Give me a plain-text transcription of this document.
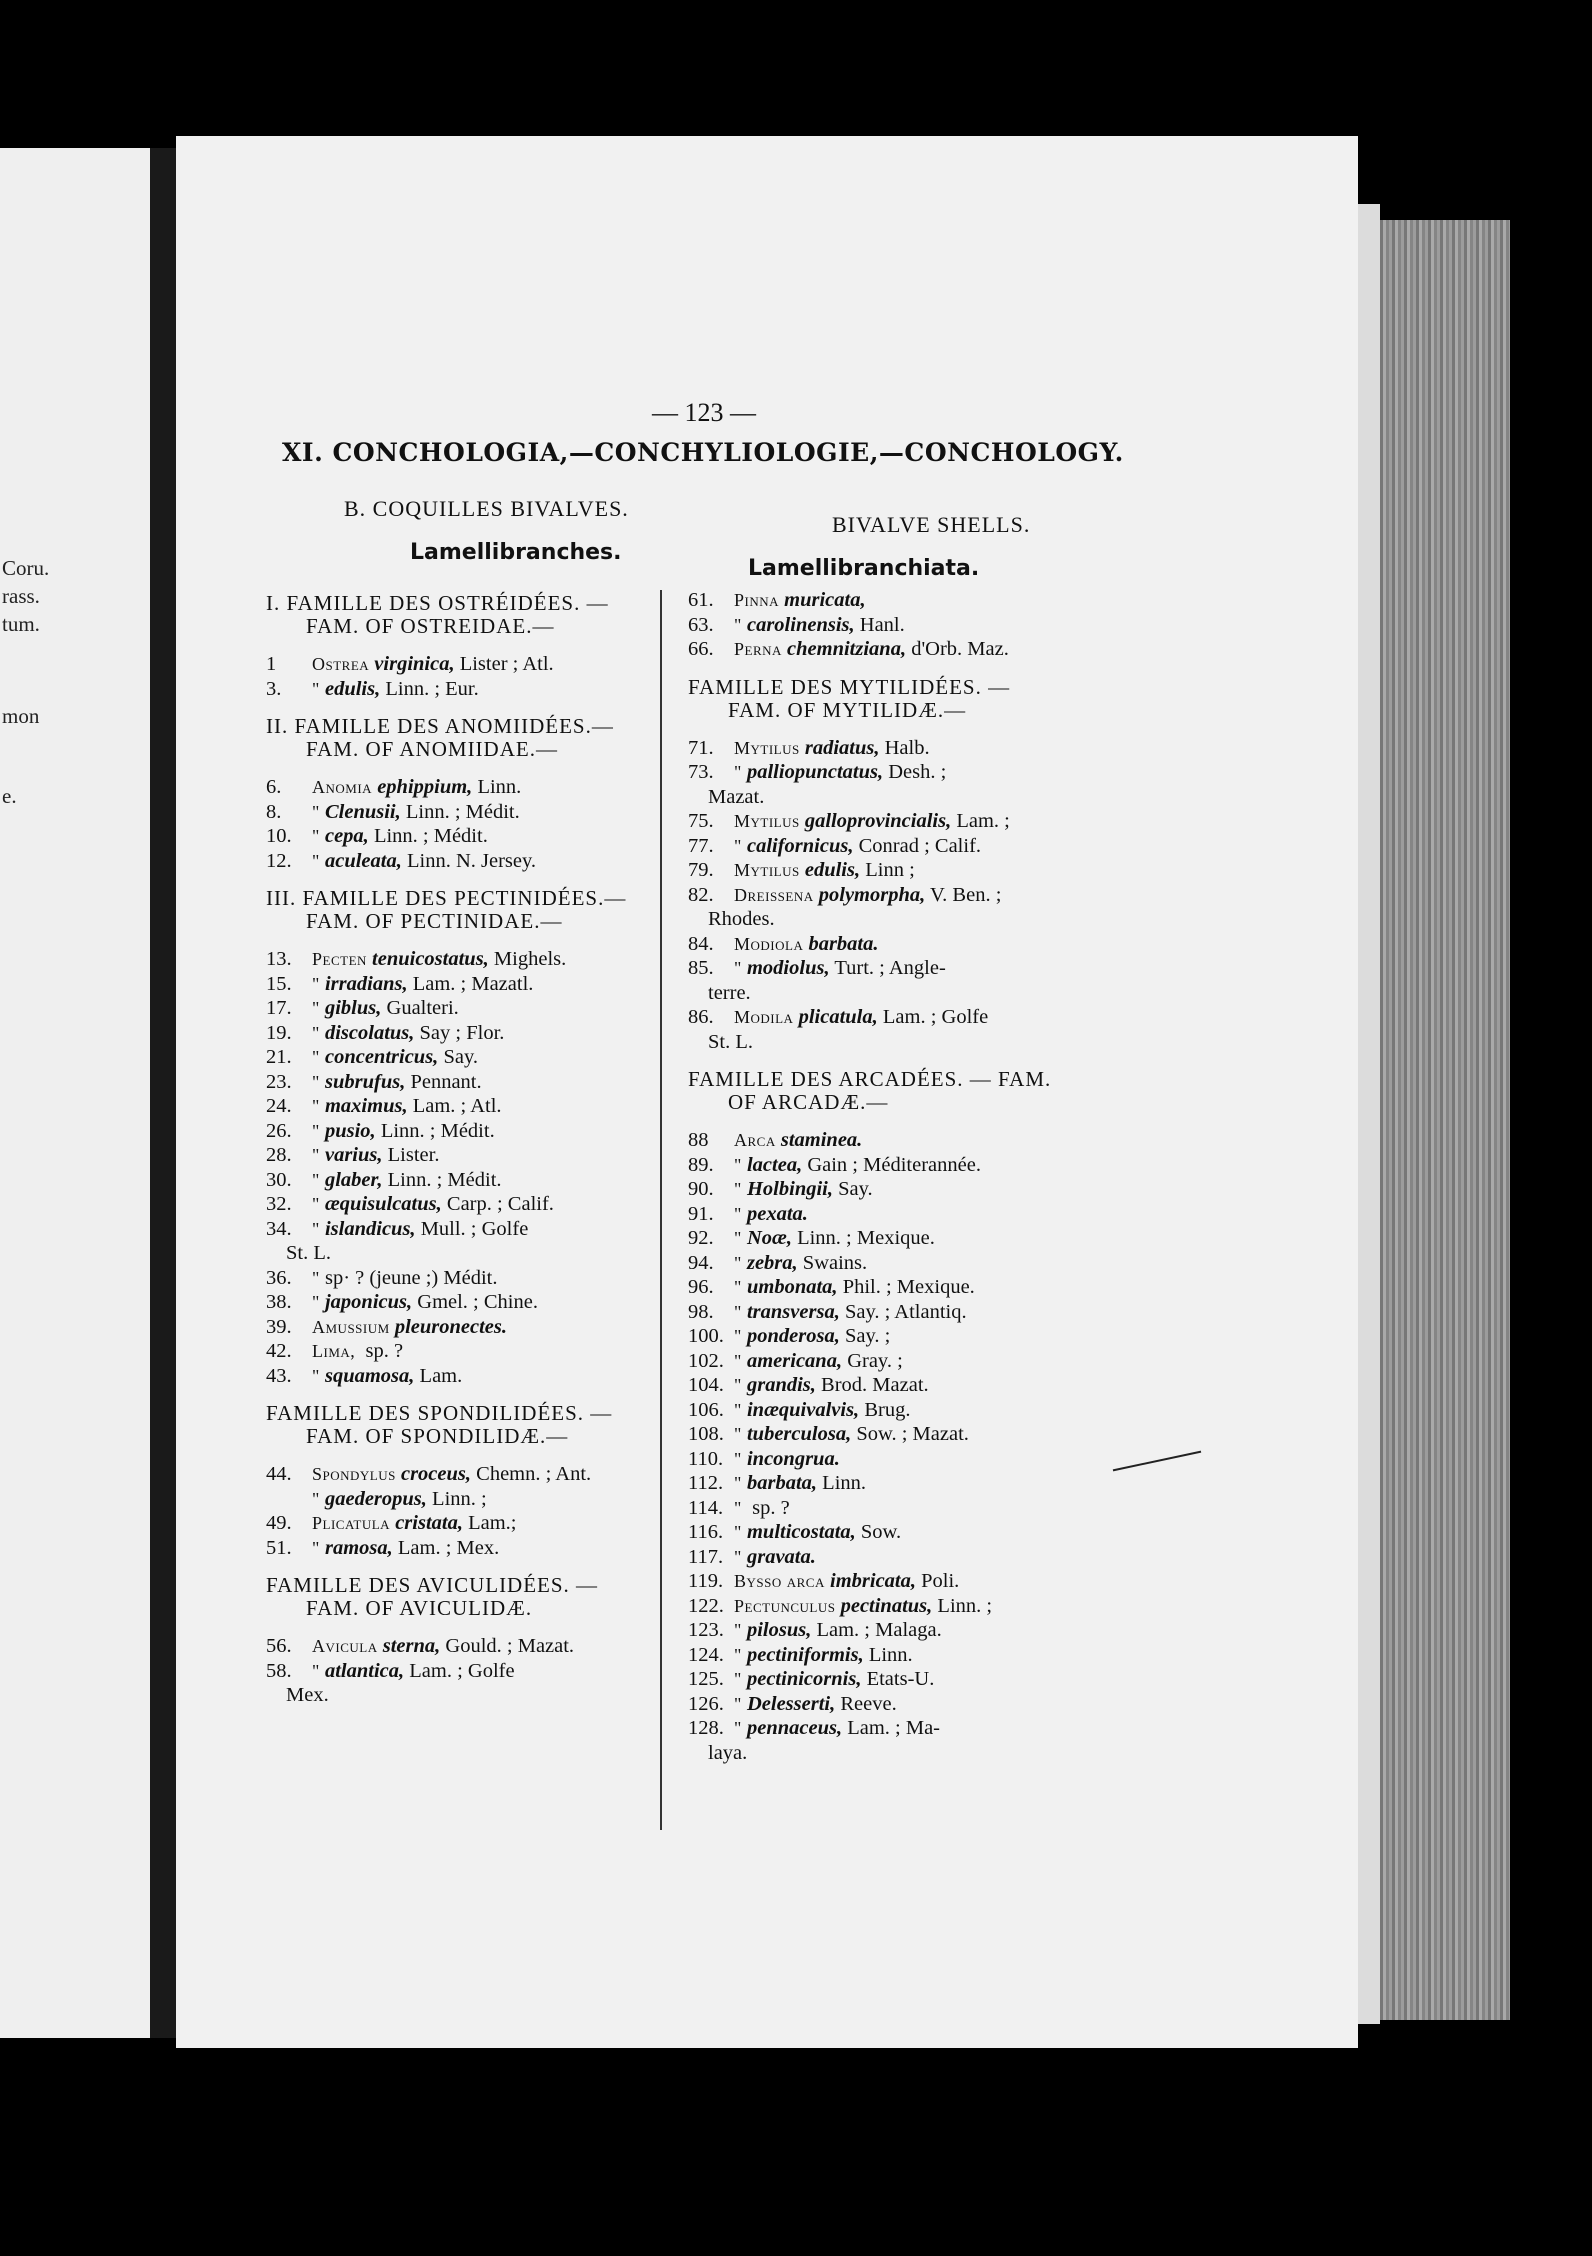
Coru.
rass.
tum.
mon
e.
— 123 —
XI. CONCHOLOGIA,—CONCHYLIOLOGIE,—CONCHOLOGY.
B. COQUILLES BIVALVES.
BIVALVE SHELLS.
Lamellibranches.
Lamellibranchiata.
I. FAMILLE DES OSTRÉIDÉES. —
FAM. OF OSTREIDAE.—
1 Ostrea virginica, Lister ; Atl.
3. " edulis, Linn. ; Eur.
II. FAMILLE DES ANOMIIDÉES.—
FAM. OF ANOMIIDAE.—
6. Anomia ephippium, Linn.
8. " Clenusii, Linn. ; Médit.
10. " cepa, Linn. ; Médit.
12. " aculeata, Linn. N. Jersey.
III. FAMILLE DES PECTINIDÉES.—
FAM. OF PECTINIDAE.—
13. Pecten tenuicostatus, Mighels.
15. " irradians, Lam. ; Mazatl.
17. " giblus, Gualteri.
19. " discolatus, Say ; Flor.
21. " concentricus, Say.
23. " subrufus, Pennant.
24. " maximus, Lam. ; Atl.
26. " pusio, Linn. ; Médit.
28. " varius, Lister.
30. " glaber, Linn. ; Médit.
32. " æquisulcatus, Carp. ; Calif.
34. " islandicus, Mull. ; Golfe
St. L.
36. " sp· ? (jeune ;) Médit.
38. " japonicus, Gmel. ; Chine.
39. Amussium pleuronectes.
42. Lima,  sp. ?
43. " squamosa, Lam.
FAMILLE DES SPONDILIDÉES. —
FAM. OF SPONDILIDÆ.—
44. Spondylus croceus, Chemn. ; Ant.
" gaederopus, Linn. ;
49. Plicatula cristata, Lam.;
51. " ramosa, Lam. ; Mex.
FAMILLE DES AVICULIDÉES. —
FAM. OF AVICULIDÆ.
56. Avicula sterna, Gould. ; Mazat.
58. " atlantica, Lam. ; Golfe
Mex.
61. Pinna muricata,
63. " carolinensis, Hanl.
66. Perna chemnitziana, d'Orb. Maz.
FAMILLE DES MYTILIDÉES. —
FAM. OF MYTILIDÆ.—
71. Mytilus radiatus, Halb.
73. " palliopunctatus, Desh. ;
Mazat.
75. Mytilus galloprovincialis, Lam. ;
77. " californicus, Conrad ; Calif.
79. Mytilus edulis, Linn ;
82. Dreissena polymorpha, V. Ben. ;
Rhodes.
84. Modiola barbata.
85. " modiolus, Turt. ; Angle-
terre.
86. Modila plicatula, Lam. ; Golfe
St. L.
FAMILLE DES ARCADÉES. — FAM.
OF ARCADÆ.—
88 Arca staminea.
89. " lactea, Gain ; Méditerannée.
90. " Holbingii, Say.
91. " pexata.
92. " Noæ, Linn. ; Mexique.
94. " zebra, Swains.
96. " umbonata, Phil. ; Mexique.
98. " transversa, Say. ; Atlantiq.
100. " ponderosa, Say. ;
102. " americana, Gray. ;
104. " grandis, Brod. Mazat.
106. " inæquivalvis, Brug.
108. " tuberculosa, Sow. ; Mazat.
110. " incongrua.
112. " barbata, Linn.
114. "  sp. ?
116. " multicostata, Sow.
117. " gravata.
119. Bysso arca imbricata, Poli.
122. Pectunculus pectinatus, Linn. ;
123. " pilosus, Lam. ; Malaga.
124. " pectiniformis, Linn.
125. " pectinicornis, Etats-U.
126. " Delesserti, Reeve.
128. " pennaceus, Lam. ; Ma-
laya.
